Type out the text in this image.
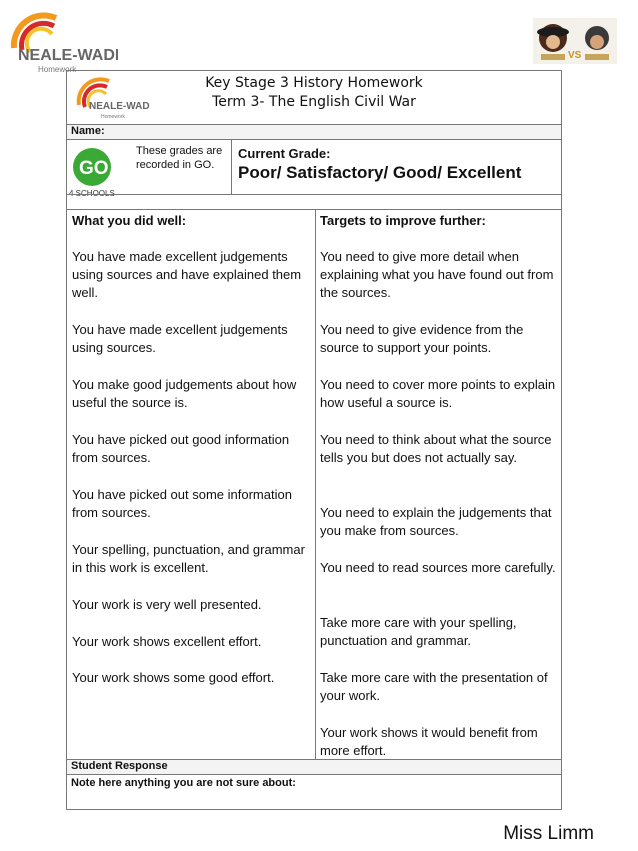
NEALE-WADE
Homework
VS
NEALE-WADE
Homework
Key Stage 3 History Homework
Term 3- The English Civil War
Name:
GO
4 SCHOOLS
These grades are recorded in GO.
Current Grade:
Poor/ Satisfactory/ Good/ Excellent
What you did well:	Targets to improve further:
You have made excellent judgements using sources and have explained them well.
You have made excellent judgements using sources.
You make good judgements about how useful the source is.
You have picked out good information from sources.
You have picked out some information from sources.
Your spelling, punctuation, and grammar in this work is excellent.
Your work is very well presented.
Your work shows excellent effort.
Your work shows some good effort.
You need to give more detail when explaining what you have found out from the sources.
You need to give evidence from the source to support your points.
You need to cover more points to explain how useful a source is.
You need to think about what the source tells you but does not actually say.
You need to explain the judgements that you make from sources.
You need to read sources more carefully.
Take more care with your spelling, punctuation and grammar.
Take more care with the presentation of your work.
Your work shows it would benefit from more effort.
Student Response
Note here anything you are not sure about:
Miss Limm
